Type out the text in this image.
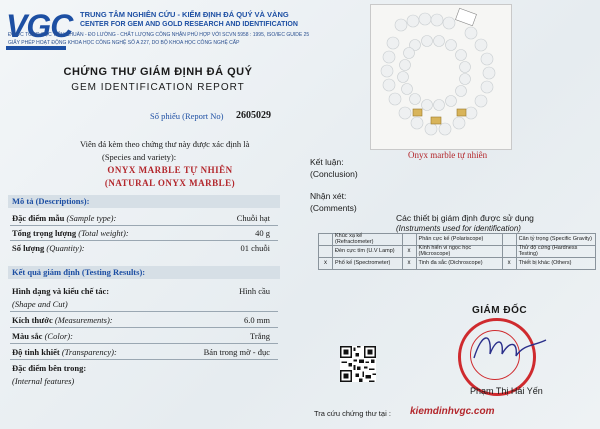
VGC TRUNG TÂM NGHIÊN CỨU - KIỂM ĐỊNH ĐÁ QUÝ VÀ VÀNG
CENTER FOR GEM AND GOLD RESEARCH AND IDENTIFICATION
ĐƯỢC TỔNG CỤC TIÊU CHUẨN - ĐO LƯỜNG - CHẤT LƯỢNG CÔNG NHẬN PHÙ HỢP VỚI SCVN 5958 : 1995, ISO/IEC GUIDE 25
GIẤY PHÉP HOẠT ĐỘNG KHOA HỌC CÔNG NGHỆ SỐ A 227, DO BỘ KHOA HỌC CÔNG NGHỆ CẤP
CHỨNG THƯ GIÁM ĐỊNH ĐÁ QUÝ
GEM IDENTIFICATION REPORT
Số phiếu (Report No) 2605029
Viên đá kèm theo chứng thư này được xác định là
(Species and variety):
ONYX MARBLE TỰ NHIÊN
(NATURAL ONYX MARBLE)
Mô tả (Descriptions):
Đặc điểm mẫu (Sample type):	Chuỗi hạt
Tổng trọng lượng (Total weight):	40 g
Số lượng (Quantity):	01 chuỗi
Kết quả giám định (Testing Results):
Hình dạng và kiểu chế tác:	Hình cầu
(Shape and Cut)
Kích thước (Measurements):	6.0 mm
Màu sắc (Color):	Trắng
Độ tinh khiết (Transparency):	Bán trong mờ - đục
Đặc điểm bên trong:
(Internal features)
Kết luận:
(Conclusion)
Onyx marble tự nhiên
Nhận xét:
(Comments)
Các thiết bị giám định được sử dụng
(Instruments used for identification)
	Khúc xạ kế (Refractometer)		Phân cực kế (Polariscope)		Cân tỷ trọng (Specific Gravity)
	Đèn cực tím (U.V Lamp)	x	Kính hiển vi ngọc học (Microscope)		Thử độ cứng (Hardness Testing)
x	Phổ kế (Spectrometer)	x	Tinh đa sắc (Dichroscope)	x	Thiết bị khác (Others)
GIÁM ĐỐC
Phạm Thị Hải Yến
Tra cứu chứng thư tại : kiemdinhvgc.com
